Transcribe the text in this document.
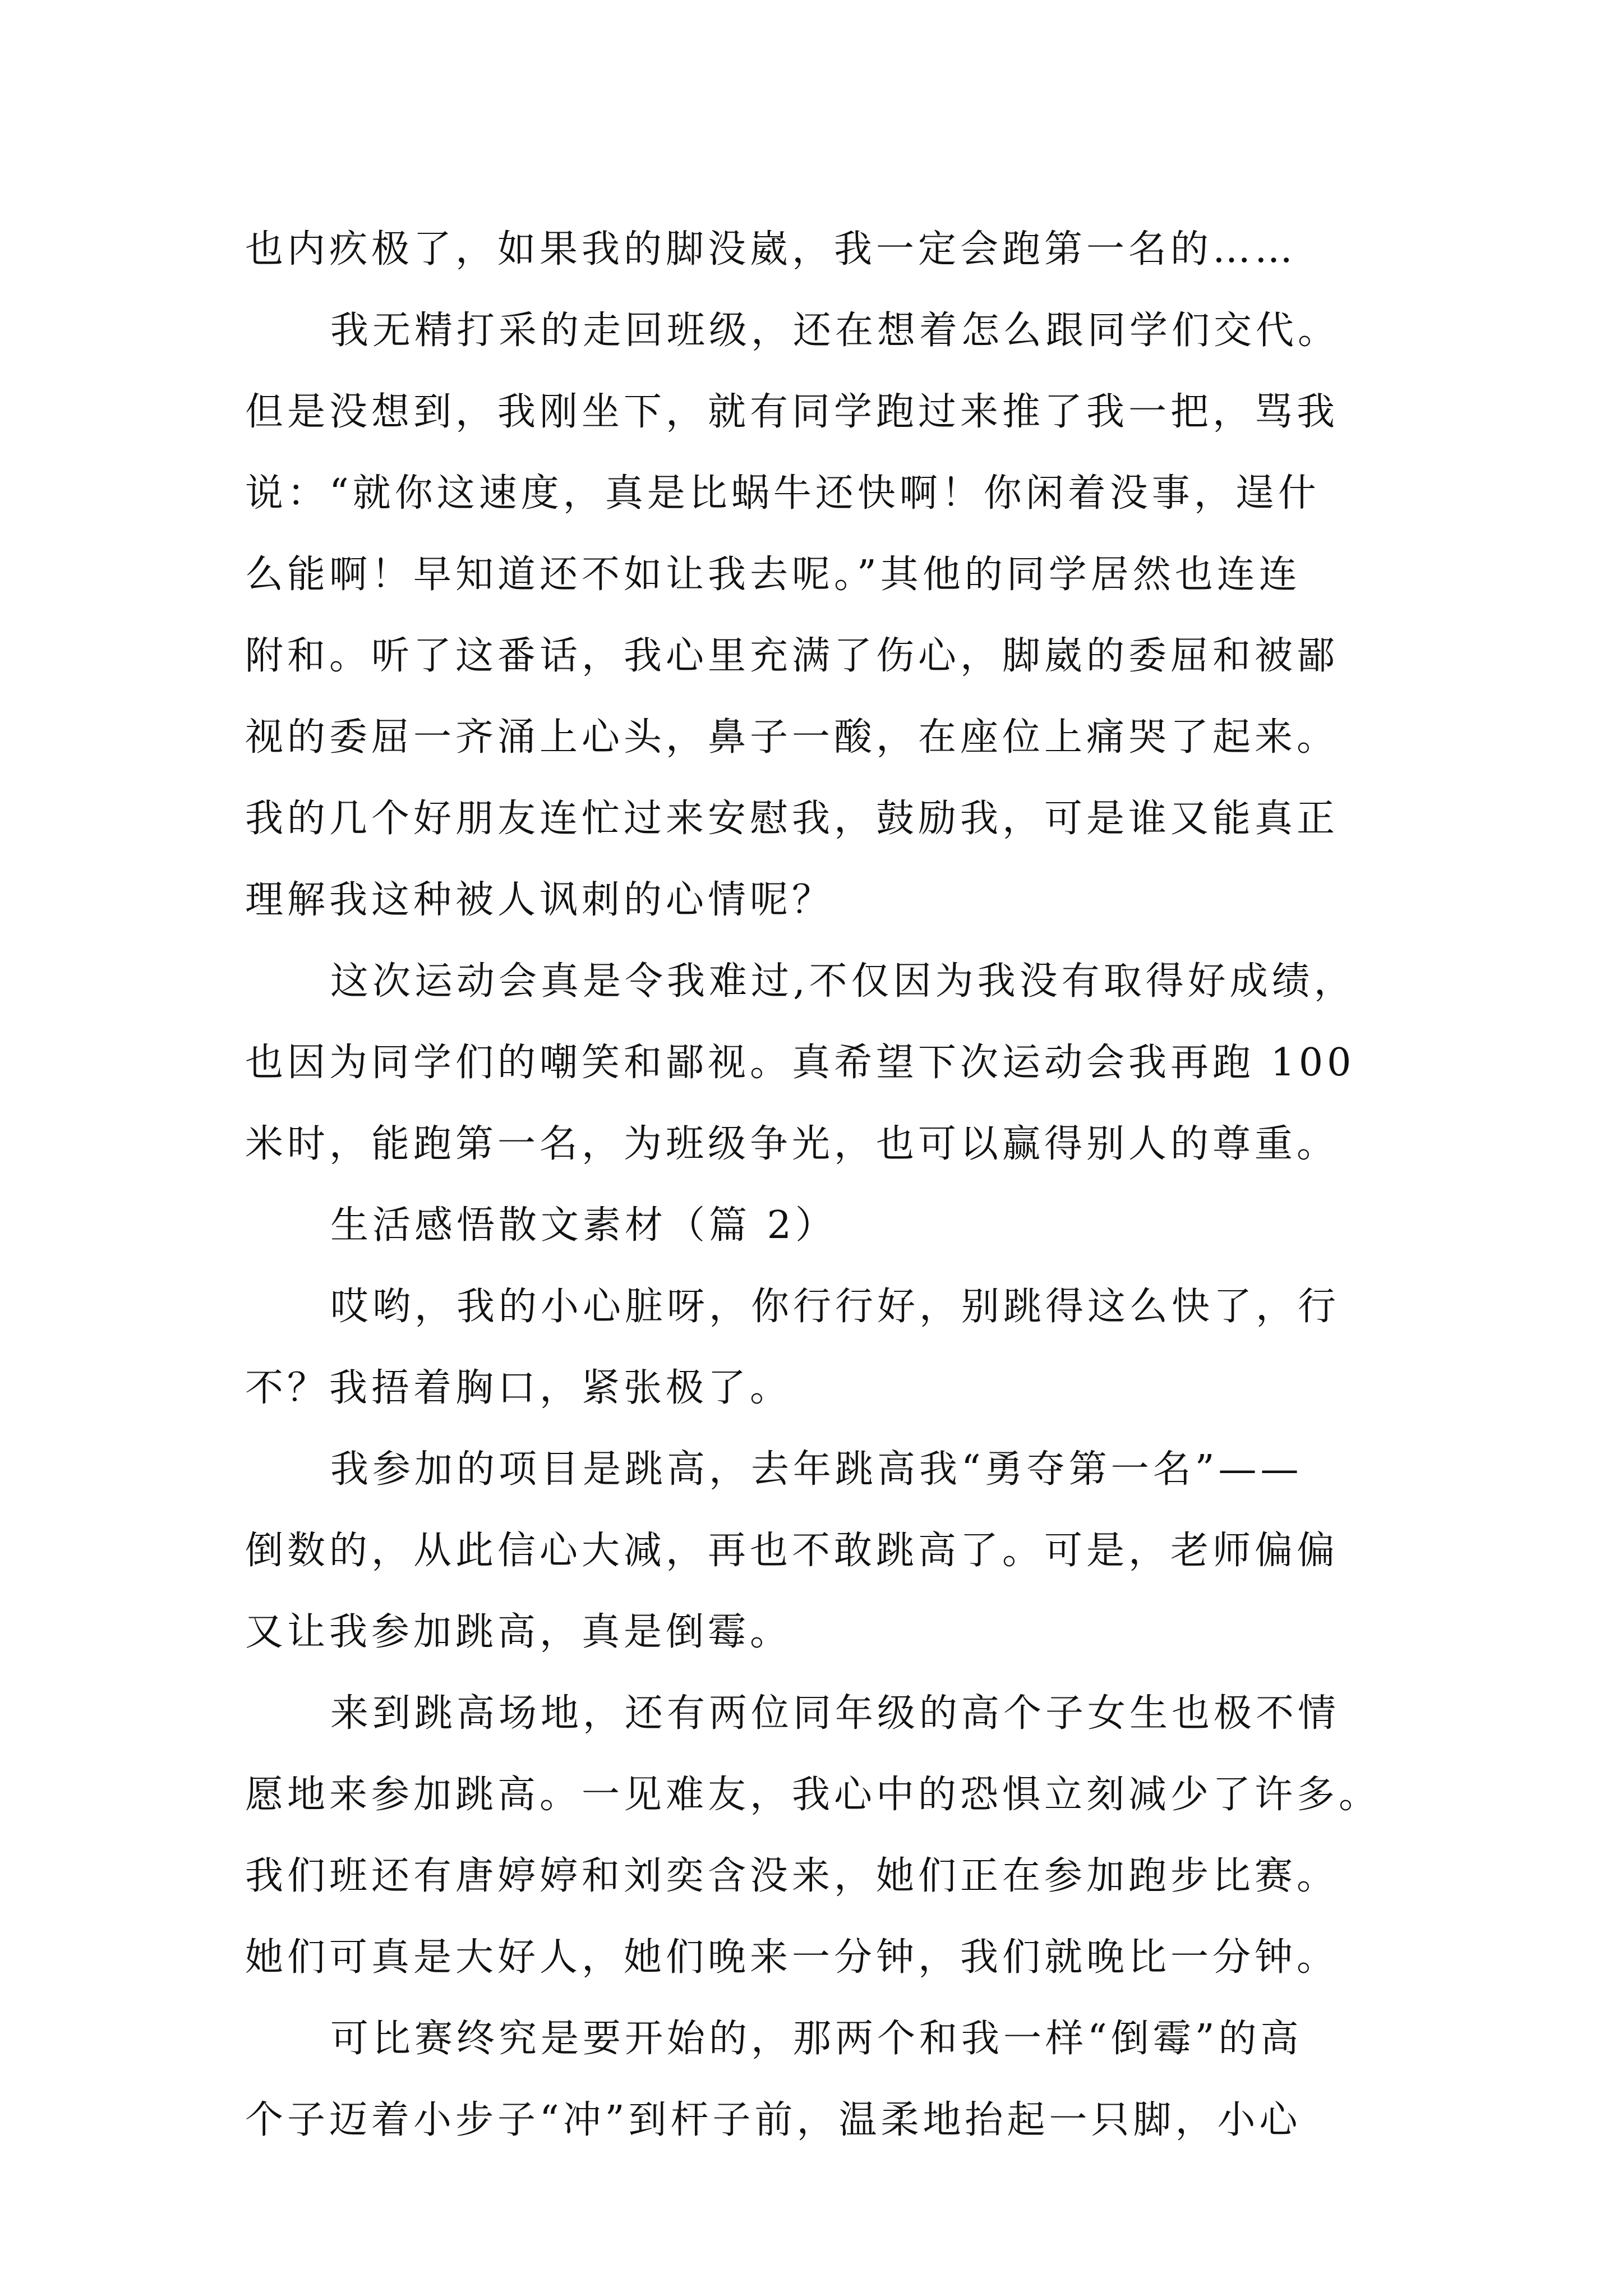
也内疚极了，如果我的脚没崴，我一定会跑第一名的……
我无精打采的走回班级，还在想着怎么跟同学们交代。
但是没想到，我刚坐下，就有同学跑过来推了我一把，骂我
说：“就你这速度，真是比蜗牛还快啊！你闲着没事，逞什
么能啊！早知道还不如让我去呢。”其他的同学居然也连连
附和。听了这番话，我心里充满了伤心，脚崴的委屈和被鄙
视的委屈一齐涌上心头，鼻子一酸，在座位上痛哭了起来。
我的几个好朋友连忙过来安慰我，鼓励我，可是谁又能真正
理解我这种被人讽刺的心情呢？
这次运动会真是令我难过,不仅因为我没有取得好成绩，
也因为同学们的嘲笑和鄙视。真希望下次运动会我再跑 100
米时，能跑第一名，为班级争光，也可以赢得别人的尊重。
生活感悟散文素材（篇 2）
哎哟，我的小心脏呀，你行行好，别跳得这么快了，行
不？我捂着胸口，紧张极了。
我参加的项目是跳高，去年跳高我“勇夺第一名”——
倒数的，从此信心大减，再也不敢跳高了。可是，老师偏偏
又让我参加跳高，真是倒霉。
来到跳高场地，还有两位同年级的高个子女生也极不情
愿地来参加跳高。一见难友，我心中的恐惧立刻减少了许多。
我们班还有唐婷婷和刘奕含没来，她们正在参加跑步比赛。
她们可真是大好人，她们晚来一分钟，我们就晚比一分钟。
可比赛终究是要开始的，那两个和我一样“倒霉”的高
个子迈着小步子“冲”到杆子前，温柔地抬起一只脚，小心
